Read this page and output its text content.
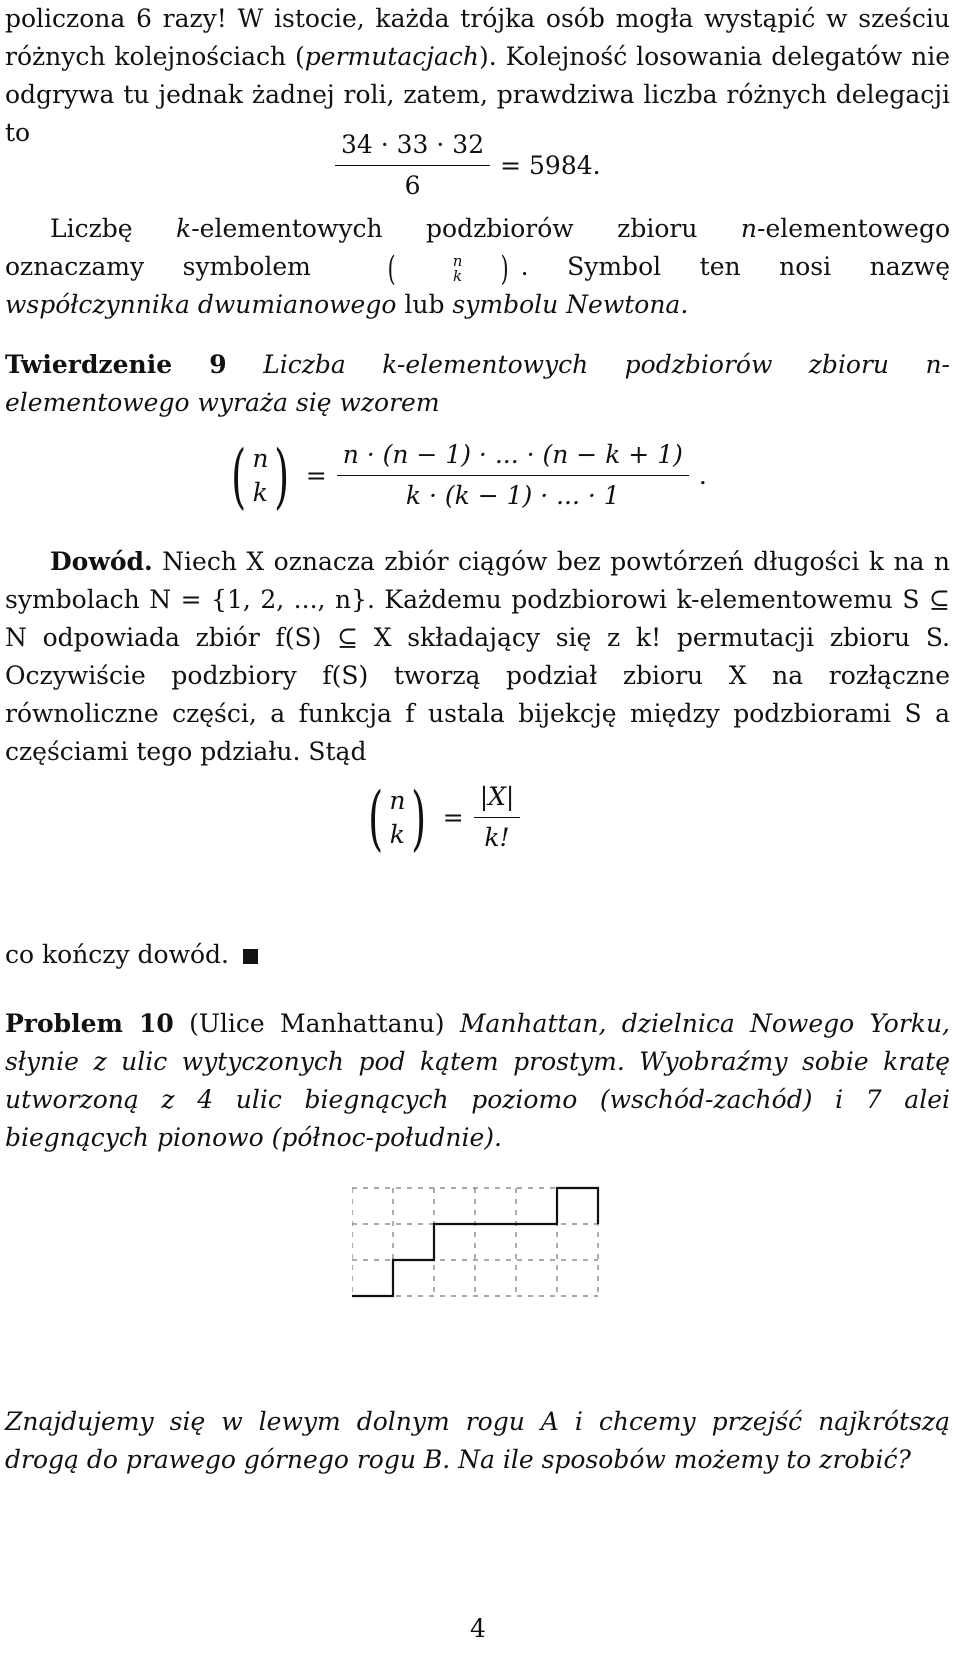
policzona 6 razy! W istocie, każda trójka osób mogła wystąpić w sześciu różnych kolejnościach (permutacjach). Kolejność losowania delegatów nie odgrywa tu jednak żadnej roli, zatem, prawdziwa liczba różnych delegacji to	$\frac{34 \cdot 33 \cdot 32}{6} = 5984$.

Liczbę k-elementowych podzbiorów zbioru n-elementowego oznaczamy symbolem	(	n
k	) . Symbol ten nosi nazwę współczynnika dwumianowego lub symbolu Newtona.

Twierdzenie 9 Liczba k-elementowych podzbiorów zbioru n-elementowego wyraża się wzorem

( n
k ) = $\frac{n \cdot (n - 1) \cdot ... \cdot (n - k + 1)}{k \cdot (k - 1) \cdot ... \cdot 1}$ .

Dowód. Niech X oznacza zbiór ciągów bez powtórzeń długości k na n symbolach N = {1, 2, ..., n}. Każdemu podzbiorowi k-elementowemu S ⊆ N odpowiada zbiór f(S) ⊆ X składający się z k! permutacji zbioru S. Oczywiście podzbiory f(S) tworzą podział zbioru X na rozłączne równoliczne części, a funkcja f ustala bijekcję między podzbiorami S a częściami tego pdziału. Stąd

( n
k ) = $\frac{|X|}{k!}$

co kończy dowód.

Problem 10 (Ulice Manhattanu) Manhattan, dzielnica Nowego Yorku, słynie z ulic wytyczonych pod kątem prostym. Wyobraźmy sobie kratę utworzoną z 4 ulic biegnących poziomo (wschód-zachód) i 7 alei biegnących pionowo (północ-południe).

Znajdujemy się w lewym dolnym rogu A i chcemy przejść najkrótszą drogą do prawego górnego rogu B. Na ile sposobów możemy to zrobić?

4
